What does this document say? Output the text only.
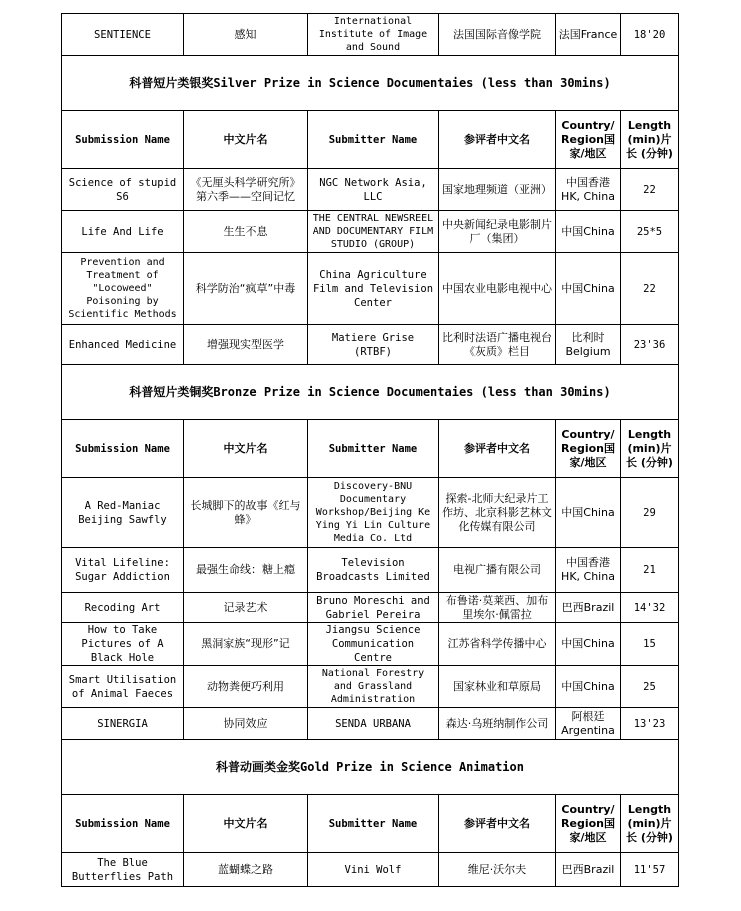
SENTIENCE	感知	International Institute of Image and Sound	法国国际音像学院	法国France	18'20
科普短片类银奖Silver Prize in Science Documentaies (less than 30mins)					
Submission Name	中文片名	Submitter Name	参评者中文名	Country/Region国家/地区	Length (min)片长 (分钟)
Science of stupid S6	《无厘头科学研究所》第六季——空间记忆	NGC Network Asia, LLC	国家地理频道（亚洲）	中国香港HK, China	22
Life And Life	生生不息	THE CENTRAL NEWSREEL AND DOCUMENTARY FILM STUDIO (GROUP)	中央新闻纪录电影制片厂（集团）	中国China	25*5
Prevention and Treatment of "Locoweed" Poisoning by Scientific Methods	科学防治“疯草”中毒	China Agriculture Film and Television Center	中国农业电影电视中心	中国China	22
Enhanced Medicine	增强现实型医学	Matiere Grise (RTBF)	比利时法语广播电视台《灰质》栏目	比利时Belgium	23'36
科普短片类铜奖Bronze Prize in Science Documentaies (less than 30mins)					
Submission Name	中文片名	Submitter Name	参评者中文名	Country/Region国家/地区	Length (min)片长 (分钟)
A Red-Maniac Beijing Sawfly	长城脚下的故事《红与蜂》	Discovery-BNU Documentary Workshop/Beijing Ke Ying Yi Lin Culture Media Co. Ltd	探索-北师大纪录片工作坊、北京科影艺林文化传媒有限公司	中国China	29
Vital Lifeline: Sugar Addiction	最强生命线：糖上瘾	Television Broadcasts Limited	电视广播有限公司	中国香港HK, China	21
Recoding Art	记录艺术	Bruno Moreschi and Gabriel Pereira	布鲁诺·莫莱西、加布里埃尔·佩雷拉	巴西Brazil	14'32
How to Take Pictures of A Black Hole	黑洞家族“现形”记	Jiangsu Science Communication Centre	江苏省科学传播中心	中国China	15
Smart Utilisation of Animal Faeces	动物粪便巧利用	National Forestry and Grassland Administration	国家林业和草原局	中国China	25
SINERGIA	协同效应	SENDA URBANA	森达·乌班纳制作公司	阿根廷Argentina	13'23
科普动画类金奖Gold Prize in Science Animation					
Submission Name	中文片名	Submitter Name	参评者中文名	Country/Region国家/地区	Length (min)片长 (分钟)
The Blue Butterflies Path	蓝蝴蝶之路	Vini Wolf	维尼·沃尔夫	巴西Brazil	11'57
